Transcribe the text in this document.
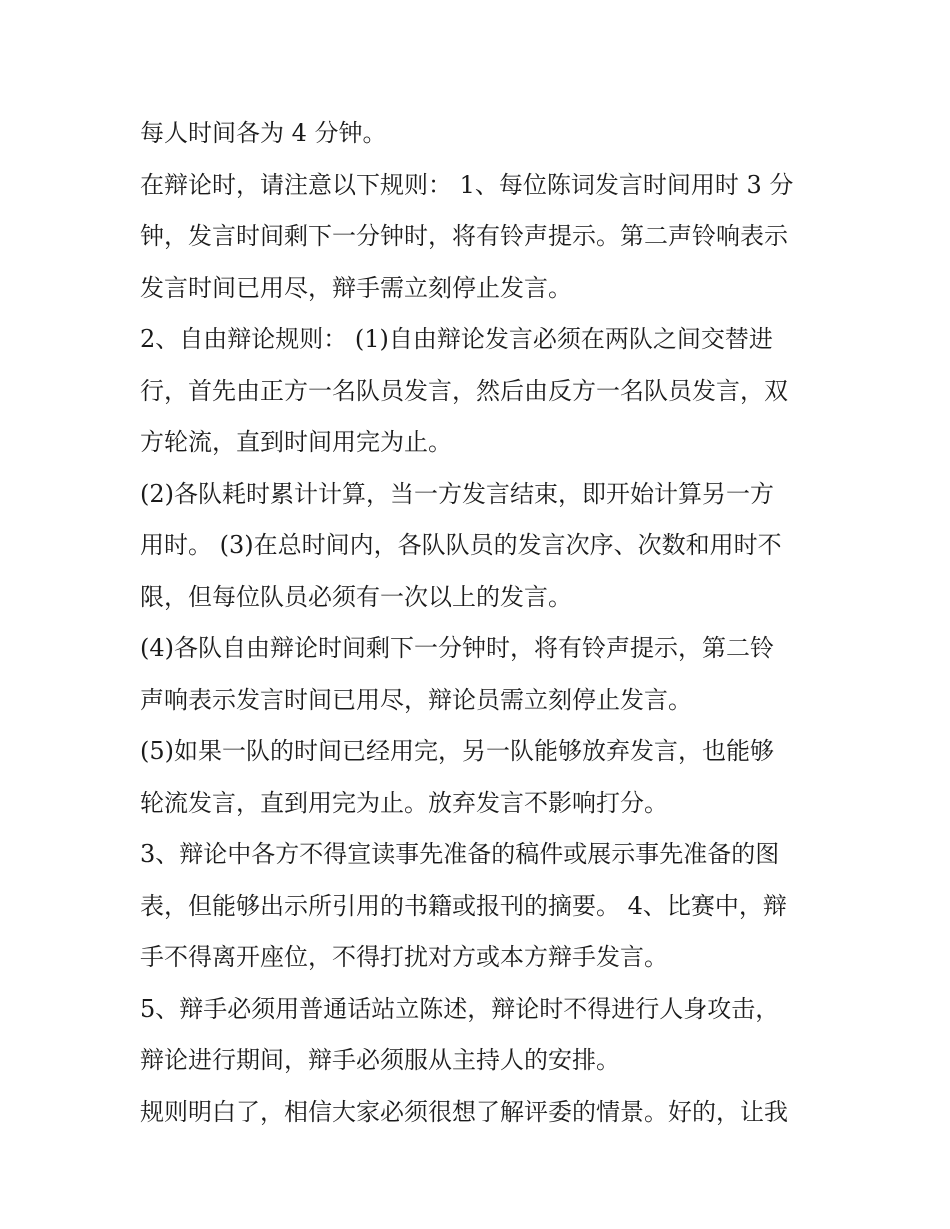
每人时间各为 4 分钟。
在辩论时，请注意以下规则： 1、每位陈词发言时间用时 3 分
钟，发言时间剩下一分钟时，将有铃声提示。第二声铃响表示
发言时间已用尽，辩手需立刻停止发言。
2、自由辩论规则： (1)自由辩论发言必须在两队之间交替进
行，首先由正方一名队员发言，然后由反方一名队员发言，双
方轮流，直到时间用完为止。
(2)各队耗时累计计算，当一方发言结束，即开始计算另一方
用时。 (3)在总时间内，各队队员的发言次序、次数和用时不
限，但每位队员必须有一次以上的发言。
(4)各队自由辩论时间剩下一分钟时，将有铃声提示，第二铃
声响表示发言时间已用尽，辩论员需立刻停止发言。
(5)如果一队的时间已经用完，另一队能够放弃发言，也能够
轮流发言，直到用完为止。放弃发言不影响打分。
3、辩论中各方不得宣读事先准备的稿件或展示事先准备的图
表，但能够出示所引用的书籍或报刊的摘要。 4、比赛中，辩
手不得离开座位，不得打扰对方或本方辩手发言。
5、辩手必须用普通话站立陈述，辩论时不得进行人身攻击，
辩论进行期间，辩手必须服从主持人的安排。
规则明白了，相信大家必须很想了解评委的情景。好的，让我
